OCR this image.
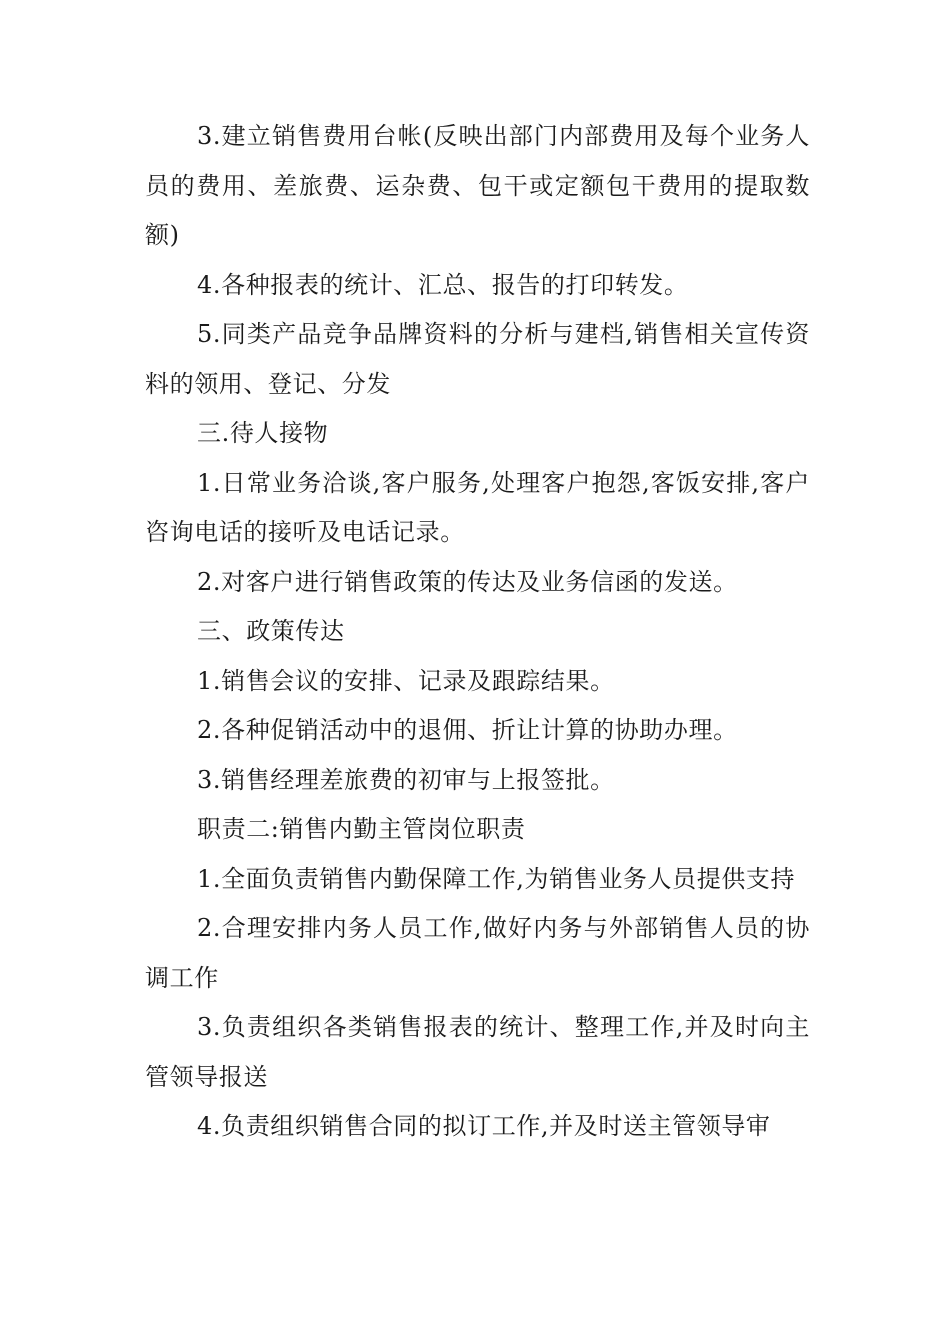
3.建立销售费用台帐(反映出部门内部费用及每个业务人员的费用、差旅费、运杂费、包干或定额包干费用的提取数额)

4.各种报表的统计、汇总、报告的打印转发。

5.同类产品竞争品牌资料的分析与建档,销售相关宣传资料的领用、登记、分发

三.待人接物

1.日常业务洽谈,客户服务,处理客户抱怨,客饭安排,客户咨询电话的接听及电话记录。

2.对客户进行销售政策的传达及业务信函的发送。

三、政策传达

1.销售会议的安排、记录及跟踪结果。

2.各种促销活动中的退佣、折让计算的协助办理。

3.销售经理差旅费的初审与上报签批。

职责二:销售内勤主管岗位职责

1.全面负责销售内勤保障工作,为销售业务人员提供支持

2.合理安排内务人员工作,做好内务与外部销售人员的协调工作

3.负责组织各类销售报表的统计、整理工作,并及时向主管领导报送

4.负责组织销售合同的拟订工作,并及时送主管领导审
